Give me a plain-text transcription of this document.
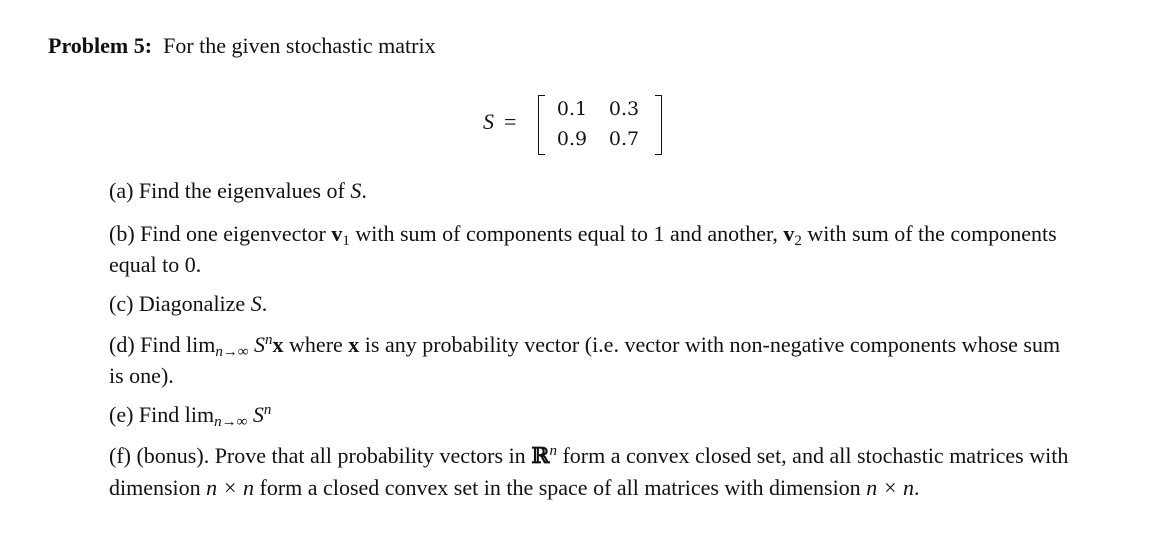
Problem 5: For the given stochastic matrix
S = 0.1 0.3
0.9 0.7
(a) Find the eigenvalues of S.
(b) Find one eigenvector v1 with sum of components equal to 1 and another, v2 with sum of the components equal to 0.
(c) Diagonalize S.
(d) Find limn→∞ $S^nx$ where x is any probability vector (i.e. vector with non-negative components whose sum is one).
(e) Find limn→∞ $S^n$
(f) (bonus). Prove that all probability vectors in ℝ$^n$ form a convex closed set, and all stochastic matrices with dimension n × n form a closed convex set in the space of all matrices with dimension n × n.
